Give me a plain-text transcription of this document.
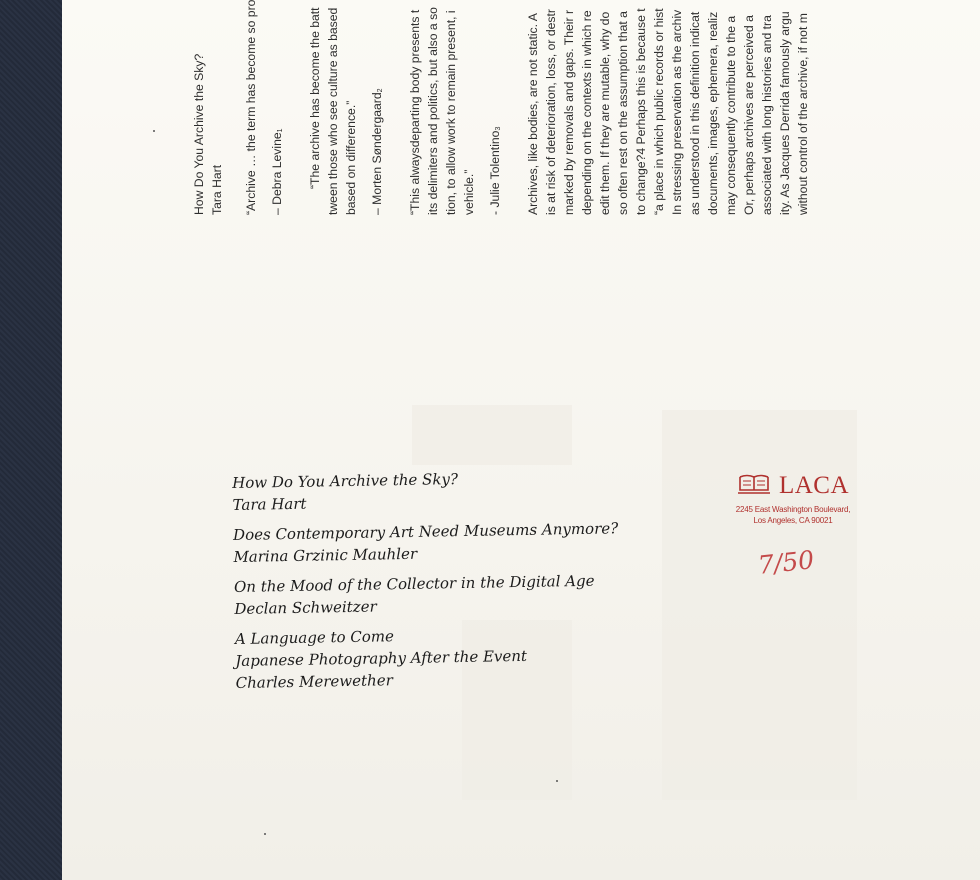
How Do You Archive the Sky? Tara Hart “Archive … the term has become so pro – Debra Levine1	“The archive has become the batt tween those who see culture as based based on difference.” – Morten Søndergaard2	“This alwaysdeparting body presents t its delimiters and politics, but also a so tion, to allow work to remain present, i vehicle.” - Julie Tolentino3	Archives, like bodies, are not static. A is at risk of deterioration, loss, or destr marked by removals and gaps. Their r depending on the contexts in which re edit them. If they are mutable, why do so often rest on the assumption that a to change?4 Perhaps this is because t “a place in which public records or hist In stressing preservation as the archiv as understood in this definition indicat documents, images, ephemera, realiz may consequently contribute to the a Or, perhaps archives are perceived a associated with long histories and tra ity. As Jacques Derrida famously argu without control of the archive, if not m

How Do You Archive the Sky?
Tara Hart
Does Contemporary Art Need Museums Anymore?
Marina Grzinic Mauhler
On the Mood of the Collector in the Digital Age
Declan Schweitzer
A Language to Come
Japanese Photography After the Event
Charles Merewether
LACA
2245 East Washington Boulevard,
Los Angeles, CA 90021
7/50
